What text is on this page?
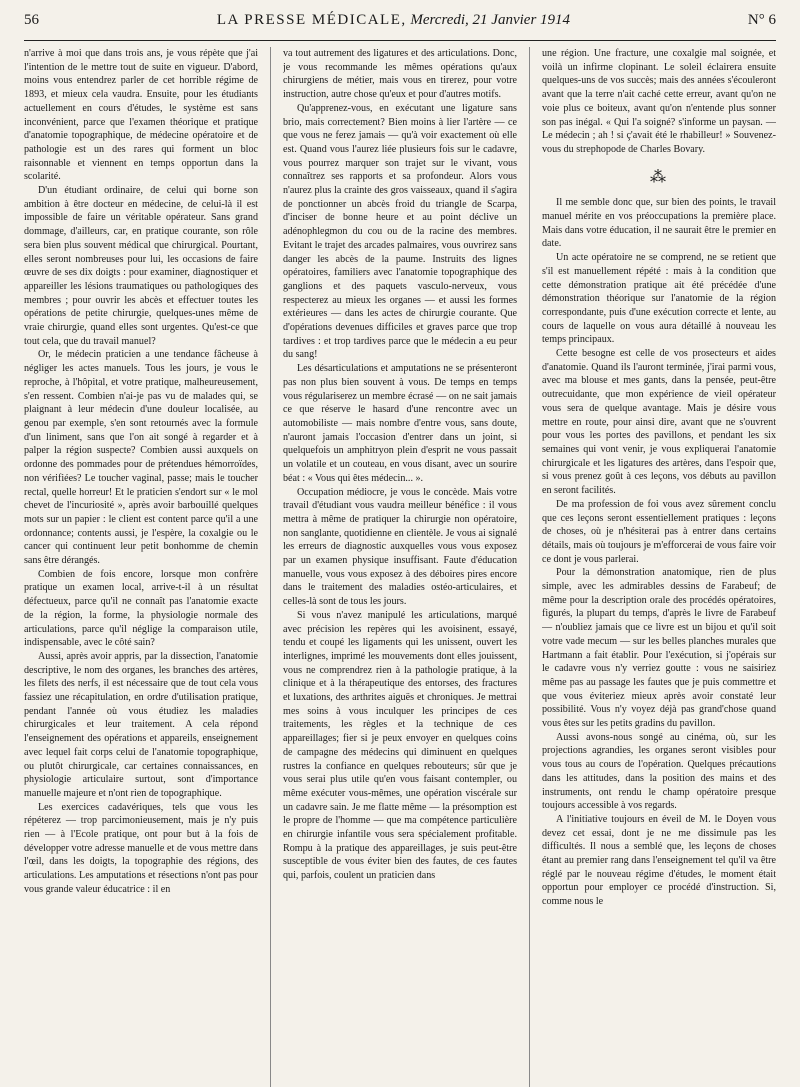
56	LA PRESSE MÉDICALE, Mercredi, 21 Janvier 1914	N° 6

n'arrive à moi que dans trois ans, je vous répète que j'ai l'intention de le mettre tout de suite en vigueur. D'abord, moins vous entendrez parler de cet horrible régime de 1893, et mieux cela vaudra. Ensuite, pour les étudiants actuellement en cours d'études, le système est sans inconvénient, parce que l'examen théorique et pratique d'anatomie topographique, de médecine opératoire et de pathologie est un des rares qui forment un bloc raisonnable et viennent en temps opportun dans la scolarité.

D'un étudiant ordinaire, de celui qui borne son ambition à être docteur en médecine, de celui-là il est impossible de faire un véritable opérateur. Sans grand dommage, d'ailleurs, car, en pratique courante, son rôle sera bien plus souvent médical que chirurgical. Pourtant, elles seront nombreuses pour lui, les occasions de faire œuvre de ses dix doigts : pour examiner, diagnostiquer et appareiller les lésions traumatiques ou pathologiques des membres ; pour ouvrir les abcès et effectuer toutes les opérations de petite chirurgie, quelques-unes même de vraie chirurgie, quand elles sont urgentes. Qu'est-ce que tout cela, que du travail manuel?

Or, le médecin praticien a une tendance fâcheuse à négliger les actes manuels. Tous les jours, je vous le reproche, à l'hôpital, et votre pratique, malheureusement, s'en ressent. Combien n'ai-je pas vu de malades qui, se plaignant à leur médecin d'une douleur localisée, au genou par exemple, s'en sont retournés avec la formule d'un liniment, sans que l'on ait songé à regarder et à palper la région suspecte? Combien aussi auxquels on ordonne des pommades pour de prétendues hémorroïdes, non vérifiées? Le toucher vaginal, passe; mais le toucher rectal, quelle horreur! Et le praticien s'endort sur « le mol chevet de l'incuriosité », après avoir barbouillé quelques mots sur un papier : le client est content parce qu'il a une ordonnance; contents aussi, je l'espère, la coxalgie ou le cancer qui continuent leur petit bonhomme de chemin sans être dérangés.

Combien de fois encore, lorsque mon confrère pratique un examen local, arrive-t-il à un résultat défectueux, parce qu'il ne connaît pas l'anatomie exacte de la région, la forme, la physiologie normale des articulations, parce qu'il néglige la comparaison utile, indispensable, avec le côté sain?

Aussi, après avoir appris, par la dissection, l'anatomie descriptive, le nom des organes, les branches des artères, les filets des nerfs, il est nécessaire que de tout cela vous fassiez une récapitulation, en ordre d'utilisation pratique, pendant l'année où vous étudiez les maladies chirurgicales et leur traitement. A cela répond l'enseignement des opérations et appareils, enseignement avec lequel fait corps celui de l'anatomie topographique, ou plutôt chirurgicale, car certaines connaissances, en physiologie articulaire surtout, sont d'importance manuelle majeure et n'ont rien de topographique.

Les exercices cadavériques, tels que vous les répéterez — trop parcimonieusement, mais je n'y puis rien — à l'Ecole pratique, ont pour but à la fois de développer votre adresse manuelle et de vous mettre dans l'œil, dans les doigts, la topographie des régions, des articulations. Les amputations et résections n'ont pas pour vous grande valeur éducatrice : il en

va tout autrement des ligatures et des articulations. Donc, je vous recommande les mêmes opérations qu'aux chirurgiens de métier, mais vous en tirerez, pour votre instruction, autre chose qu'eux et pour d'autres motifs.

Qu'apprenez-vous, en exécutant une ligature sans brio, mais correctement? Bien moins à lier l'artère — ce que vous ne ferez jamais — qu'à voir exactement où elle est. Quand vous l'aurez liée plusieurs fois sur le cadavre, vous pourrez marquer son trajet sur le vivant, vous connaîtrez ses rapports et sa profondeur. Alors vous n'aurez plus la crainte des gros vaisseaux, quand il s'agira de ponctionner un abcès froid du triangle de Scarpa, d'inciser de bonne heure et au point déclive un adénophlegmon du cou ou de la racine des membres. Evitant le trajet des arcades palmaires, vous ouvrirez sans danger les abcès de la paume. Instruits des lignes opératoires, familiers avec l'anatomie topographique des ganglions et des paquets vasculo-nerveux, vous respecterez au mieux les organes — et aussi les formes extérieures — dans les actes de chirurgie courante. Que d'opérations devenues difficiles et graves parce que trop tardives : et trop tardives parce que le médecin a eu peur du sang!

Les désarticulations et amputations ne se présenteront pas non plus bien souvent à vous. De temps en temps vous régulariserez un membre écrasé — on ne sait jamais ce que réserve le hasard d'une rencontre avec un automobiliste — mais nombre d'entre vous, sans doute, n'auront jamais l'occasion d'entrer dans un joint, si quelquefois un amphitryon plein d'esprit ne vous passait un volatile et un couteau, en vous disant, avec un sourire béat : « Vous qui êtes médecin... ».

Occupation médiocre, je vous le concède. Mais votre travail d'étudiant vous vaudra meilleur bénéfice : il vous mettra à même de pratiquer la chirurgie non opératoire, non sanglante, quotidienne en clientèle. Je vous ai signalé les erreurs de diagnostic auxquelles vous vous exposez par un examen physique insuffisant. Faute d'éducation manuelle, vous vous exposez à des déboires pires encore dans le traitement des maladies ostéo-articulaires, et celles-là sont de tous les jours.

Si vous n'avez manipulé les articulations, marqué avec précision les repères qui les avoisinent, essayé, tendu et coupé les ligaments qui les unissent, ouvert les interlignes, imprimé les mouvements dont elles jouissent, vous ne comprendrez rien à la pathologie pratique, à la clinique et à la thérapeutique des entorses, des fractures et luxations, des arthrites aiguës et chroniques. Je mettrai mes soins à vous inculquer les principes de ces traitements, les règles et la technique de ces appareillages; fier si je peux envoyer en quelques coins de campagne des médecins qui diminuent en quelques rustres la confiance en quelques rebouteurs; sûr que je vous serai plus utile qu'en vous faisant contempler, ou même exécuter vous-mêmes, une opération viscérale sur un cadavre sain. Je me flatte même — la présomption est le propre de l'homme — que ma compétence particulière en chirurgie infantile vous sera spécialement profitable. Rompu à la pratique des appareillages, je suis peut-être susceptible de vous éviter bien des fautes, de ces fautes qui, parfois, coulent un praticien dans

une région. Une fracture, une coxalgie mal soignée, et voilà un infirme clopinant. Le soleil éclairera ensuite quelques-uns de vos succès; mais des années s'écouleront avant que la terre n'ait caché cette erreur, avant qu'on ne voie plus ce boiteux, avant qu'on n'entende plus sonner son pas inégal. « Qui l'a soigné? s'informe un paysan. — Le médecin ; ah ! si ç'avait été le rhabilleur! » Souvenez-vous du strephopode de Charles Bovary.

⁂

Il me semble donc que, sur bien des points, le travail manuel mérite en vos préoccupations la première place. Mais dans votre éducation, il ne saurait être le premier en date.

Un acte opératoire ne se comprend, ne se retient que s'il est manuellement répété : mais à la condition que cette démonstration pratique ait été précédée d'une démonstration théorique sur l'anatomie de la région correspondante, puis d'une exécution correcte et lente, au cours de laquelle on vous aura détaillé à nouveau les temps principaux.

Cette besogne est celle de vos prosecteurs et aides d'anatomie. Quand ils l'auront terminée, j'irai parmi vous, avec ma blouse et mes gants, dans la pensée, peut-être outrecuidante, que mon expérience de vieil opérateur vous sera de quelque avantage. Mais je désire vous mettre en route, pour ainsi dire, avant que ne s'ouvrent pour vous les portes des pavillons, et pendant les six semaines qui vont venir, je vous expliquerai l'anatomie chirurgicale et les ligatures des artères, dans l'espoir que, si vous prenez goût à ces leçons, vos débuts au pavillon en seront facilités.

De ma profession de foi vous avez sûrement conclu que ces leçons seront essentiellement pratiques : leçons de choses, où je n'hésiterai pas à entrer dans certains détails, mais où toujours je m'efforcerai de vous faire voir ce dont je vous parlerai.

Pour la démonstration anatomique, rien de plus simple, avec les admirables dessins de Farabeuf; de même pour la description orale des procédés opératoires, figurés, la plupart du temps, d'après le livre de Farabeuf — n'oubliez jamais que ce livre est un bijou et qu'il soit votre vade mecum — sur les belles planches murales que Hartmann a fait établir. Pour l'exécution, si j'opérais sur le cadavre vous n'y verriez goutte : vous ne saisiriez même pas au passage les fautes que je puis commettre et que vous éviteriez mieux après avoir constaté leur possibilité. Vous n'y voyez déjà pas grand'chose quand vous êtes sur les petits gradins du pavillon.

Aussi avons-nous songé au cinéma, où, sur les projections agrandies, les organes seront visibles pour vous tous au cours de l'opération. Quelques précautions dans les attitudes, dans la position des mains et des instruments, ont rendu le champ opératoire presque toujours accessible à vos regards.

A l'initiative toujours en éveil de M. le Doyen vous devez cet essai, dont je ne me dissimule pas les difficultés. Il nous a semblé que, les leçons de choses étant au premier rang dans l'enseignement tel qu'il va être réglé par le nouveau régime d'études, le moment était opportun pour employer ce procédé d'instruction. Si, comme nous le
